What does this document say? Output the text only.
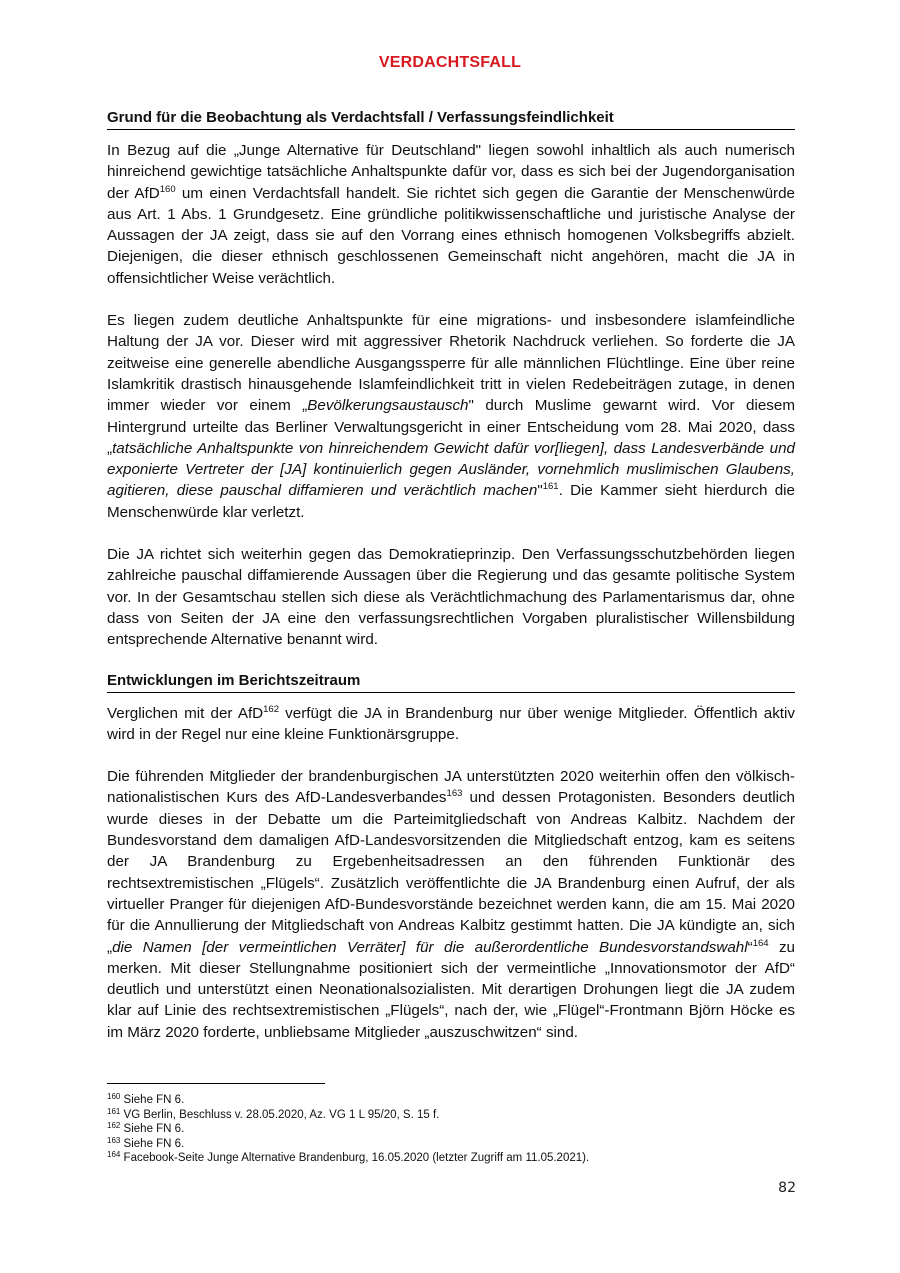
VERDACHTSFALL
Grund für die Beobachtung als Verdachtsfall / Verfassungsfeindlichkeit

In Bezug auf die „Junge Alternative für Deutschland" liegen sowohl inhaltlich als auch numerisch hinreichend gewichtige tatsächliche Anhaltspunkte dafür vor, dass es sich bei der Jugendorganisation der AfD$^{160}$ um einen Verdachtsfall handelt. Sie richtet sich gegen die Garantie der Menschenwürde aus Art. 1 Abs. 1 Grundgesetz. Eine gründliche politikwissenschaftliche und juristische Analyse der Aussagen der JA zeigt, dass sie auf den Vorrang eines ethnisch homogenen Volksbegriffs abzielt. Diejenigen, die dieser ethnisch geschlossenen Gemeinschaft nicht angehören, macht die JA in offensichtlicher Weise verächtlich.

Es liegen zudem deutliche Anhaltspunkte für eine migrations- und insbesondere islamfeindliche Haltung der JA vor. Dieser wird mit aggressiver Rhetorik Nachdruck verliehen. So forderte die JA zeitweise eine generelle abendliche Ausgangssperre für alle männlichen Flüchtlinge. Eine über reine Islamkritik drastisch hinausgehende Islamfeindlichkeit tritt in vielen Redebeiträgen zutage, in denen immer wieder vor einem „Bevölkerungsaustausch" durch Muslime gewarnt wird. Vor diesem Hintergrund urteilte das Berliner Verwaltungsgericht in einer Entscheidung vom 28. Mai 2020, dass „tatsächliche Anhaltspunkte von hinreichendem Gewicht dafür vor[liegen], dass Landesverbände und exponierte Vertreter der [JA] kontinuierlich gegen Ausländer, vornehmlich muslimischen Glaubens, agitieren, diese pauschal diffamieren und verächtlich machen"$^{161}$. Die Kammer sieht hierdurch die Menschenwürde klar verletzt.

Die JA richtet sich weiterhin gegen das Demokratieprinzip. Den Verfassungsschutzbehörden liegen zahlreiche pauschal diffamierende Aussagen über die Regierung und das gesamte politische System vor. In der Gesamtschau stellen sich diese als Verächtlichmachung des Parlamentarismus dar, ohne dass von Seiten der JA eine den verfassungsrechtlichen Vorgaben pluralistischer Willensbildung entsprechende Alternative benannt wird.

Entwicklungen im Berichtszeitraum

Verglichen mit der AfD$^{162}$ verfügt die JA in Brandenburg nur über wenige Mitglieder. Öffentlich aktiv wird in der Regel nur eine kleine Funktionärsgruppe.

Die führenden Mitglieder der brandenburgischen JA unterstützten 2020 weiterhin offen den völkisch-nationalistischen Kurs des AfD-Landesverbandes$^{163}$ und dessen Protagonisten. Besonders deutlich wurde dieses in der Debatte um die Parteimitgliedschaft von Andreas Kalbitz. Nachdem der Bundesvorstand dem damaligen AfD-Landesvorsitzenden die Mitgliedschaft entzog, kam es seitens der JA Brandenburg zu Ergebenheitsadressen an den führenden Funktionär des rechtsextremistischen „Flügels“. Zusätzlich veröffentlichte die JA Brandenburg einen Aufruf, der als virtueller Pranger für diejenigen AfD-Bundesvorstände bezeichnet werden kann, die am 15. Mai 2020 für die Annullierung der Mitgliedschaft von Andreas Kalbitz gestimmt hatten. Die JA kündigte an, sich „die Namen [der vermeintlichen Verräter] für die außerordentliche Bundesvorstandswahl“$^{164}$ zu merken. Mit dieser Stellungnahme positioniert sich der vermeintliche „Innovationsmotor der AfD“ deutlich und unterstützt einen Neonationalsozialisten. Mit derartigen Drohungen liegt die JA zudem klar auf Linie des rechtsextremistischen „Flügels“, nach der, wie „Flügel“-Frontmann Björn Höcke es im März 2020 forderte, unbliebsame Mitglieder „auszuschwitzen“ sind.

$^{160}$ Siehe FN 6.

$^{161}$ VG Berlin, Beschluss v. 28.05.2020, Az. VG 1 L 95/20, S. 15 f.

$^{162}$ Siehe FN 6.

$^{163}$ Siehe FN 6.

$^{164}$ Facebook-Seite Junge Alternative Brandenburg, 16.05.2020 (letzter Zugriff am 11.05.2021).

82
